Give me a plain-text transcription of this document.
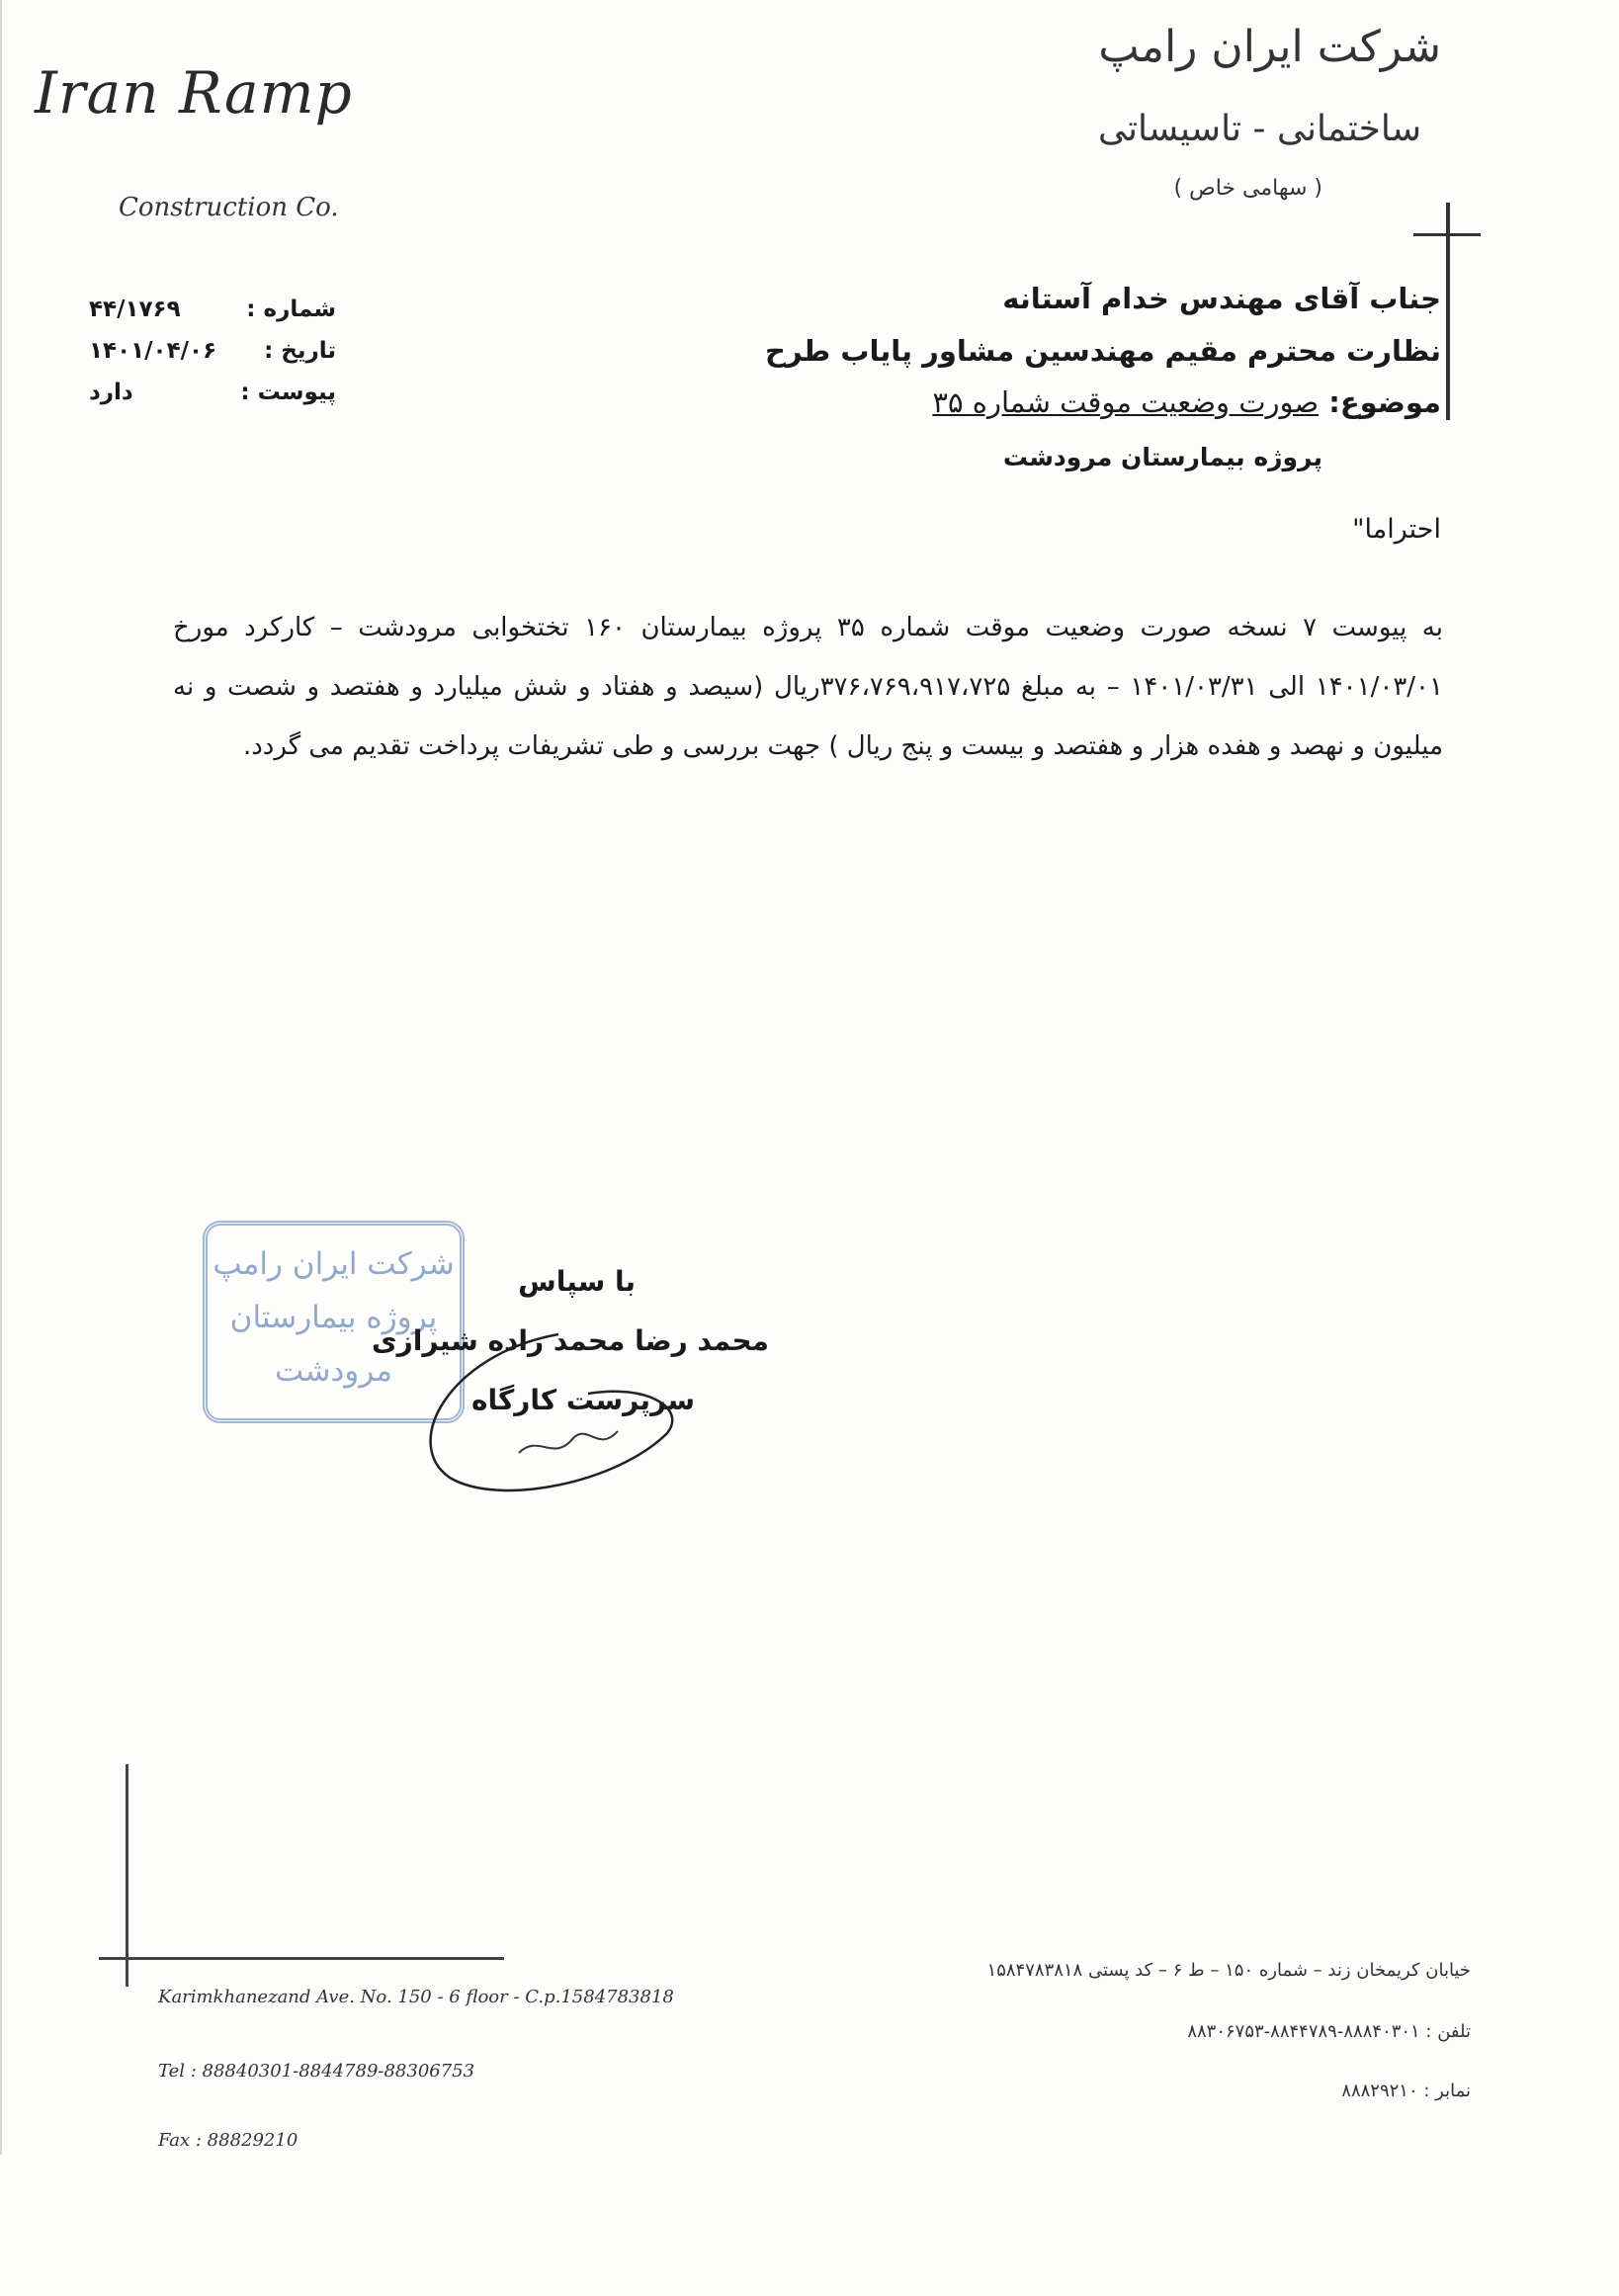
Iran Ramp
Construction Co.
شرکت ایران رامپ
ساختمانی - تاسیساتی
( سهامی خاص )
شماره :
۴۴/۱۷۶۹
تاریخ :
۱۴۰۱/۰۴/۰۶
پیوست :
دارد
جناب آقای مهندس خدام آستانه
نظارت محترم مقیم مهندسین مشاور پایاب طرح
موضوع: صورت وضعیت موقت شماره ۳۵
پروژه بیمارستان مرودشت
احتراما"
به پیوست ۷ نسخه صورت وضعیت موقت شماره ۳۵ پروژه بیمارستان ۱۶۰ تختخوابی مرودشت – کارکرد مورخ ۱۴۰۱/۰۳/۰۱ الی ۱۴۰۱/۰۳/۳۱ – به مبلغ ۳۷۶،۷۶۹،۹۱۷،۷۲۵ریال (سیصد و هفتاد و شش میلیارد و هفتصد و شصت و نه میلیون و نهصد و هفده هزار و هفتصد و بیست و پنج ریال ) جهت بررسی و طی تشریفات پرداخت تقدیم می گردد.
شرکت ایران رامپ
پروژه بیمارستان
مرودشت
با سپاس
محمد رضا محمد زاده شیرازی
سرپرست کارگاه
Karimkhanezand Ave. No. 150 - 6 floor - C.p.1584783818
Tel : 88840301-8844789-88306753
Fax : 88829210
خیابان کریمخان زند – شماره ۱۵۰ – ط ۶ – کد پستی ۱۵۸۴۷۸۳۸۱۸
تلفن : ۸۸۸۴۰۳۰۱-۸۸۴۴۷۸۹-۸۸۳۰۶۷۵۳
نمابر : ۸۸۸۲۹۲۱۰
